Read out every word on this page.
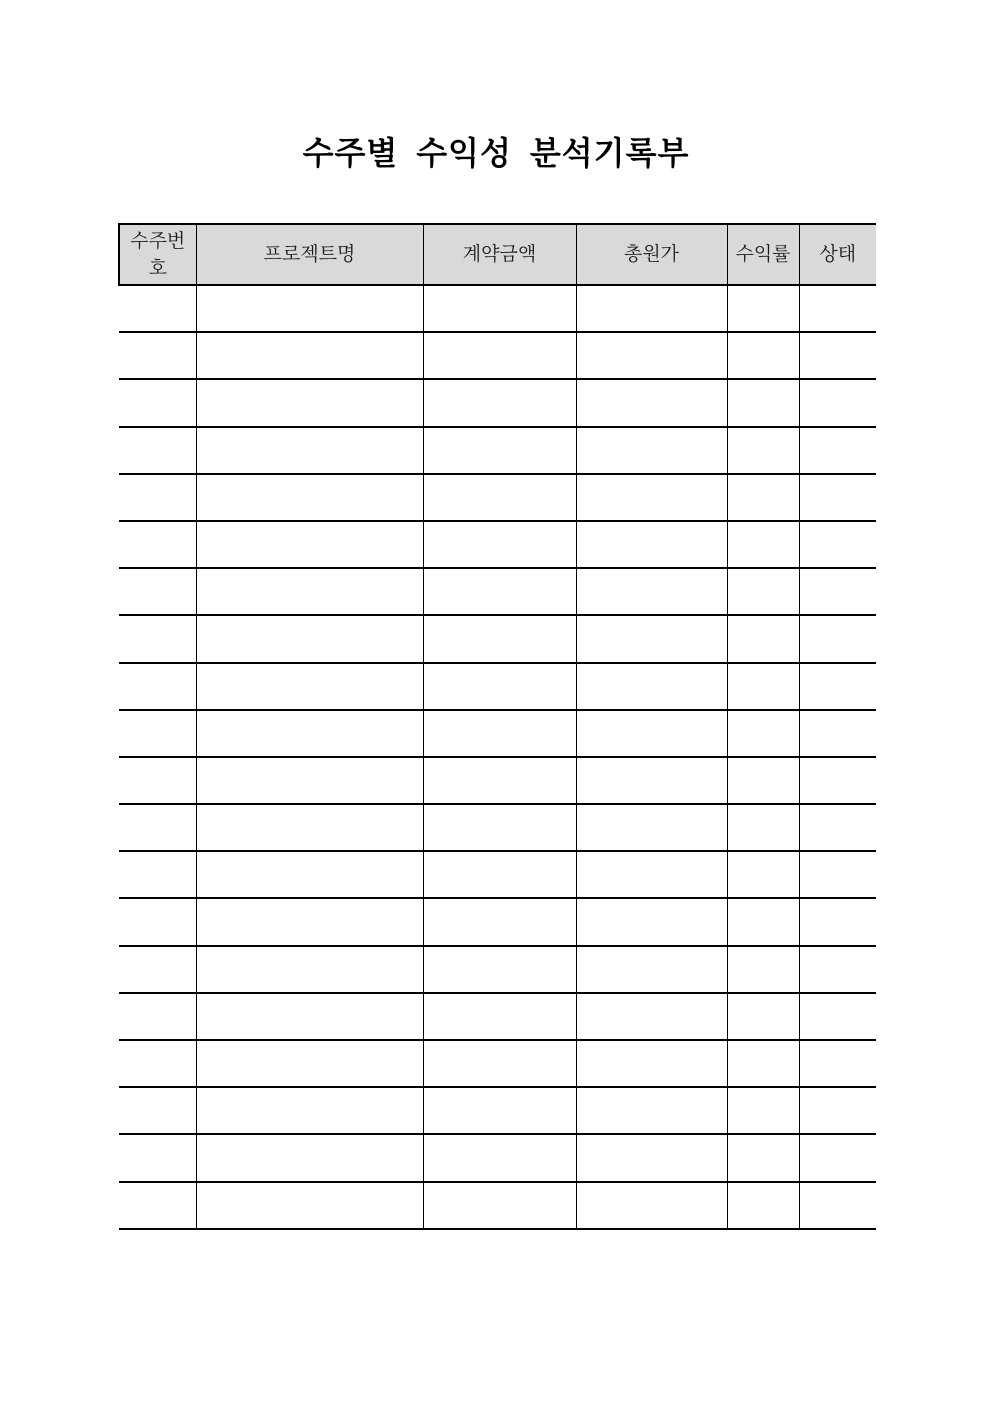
수주별 수익성 분석기록부
수주번호	프로젝트명	계약금액	총원가	수익률	상태
